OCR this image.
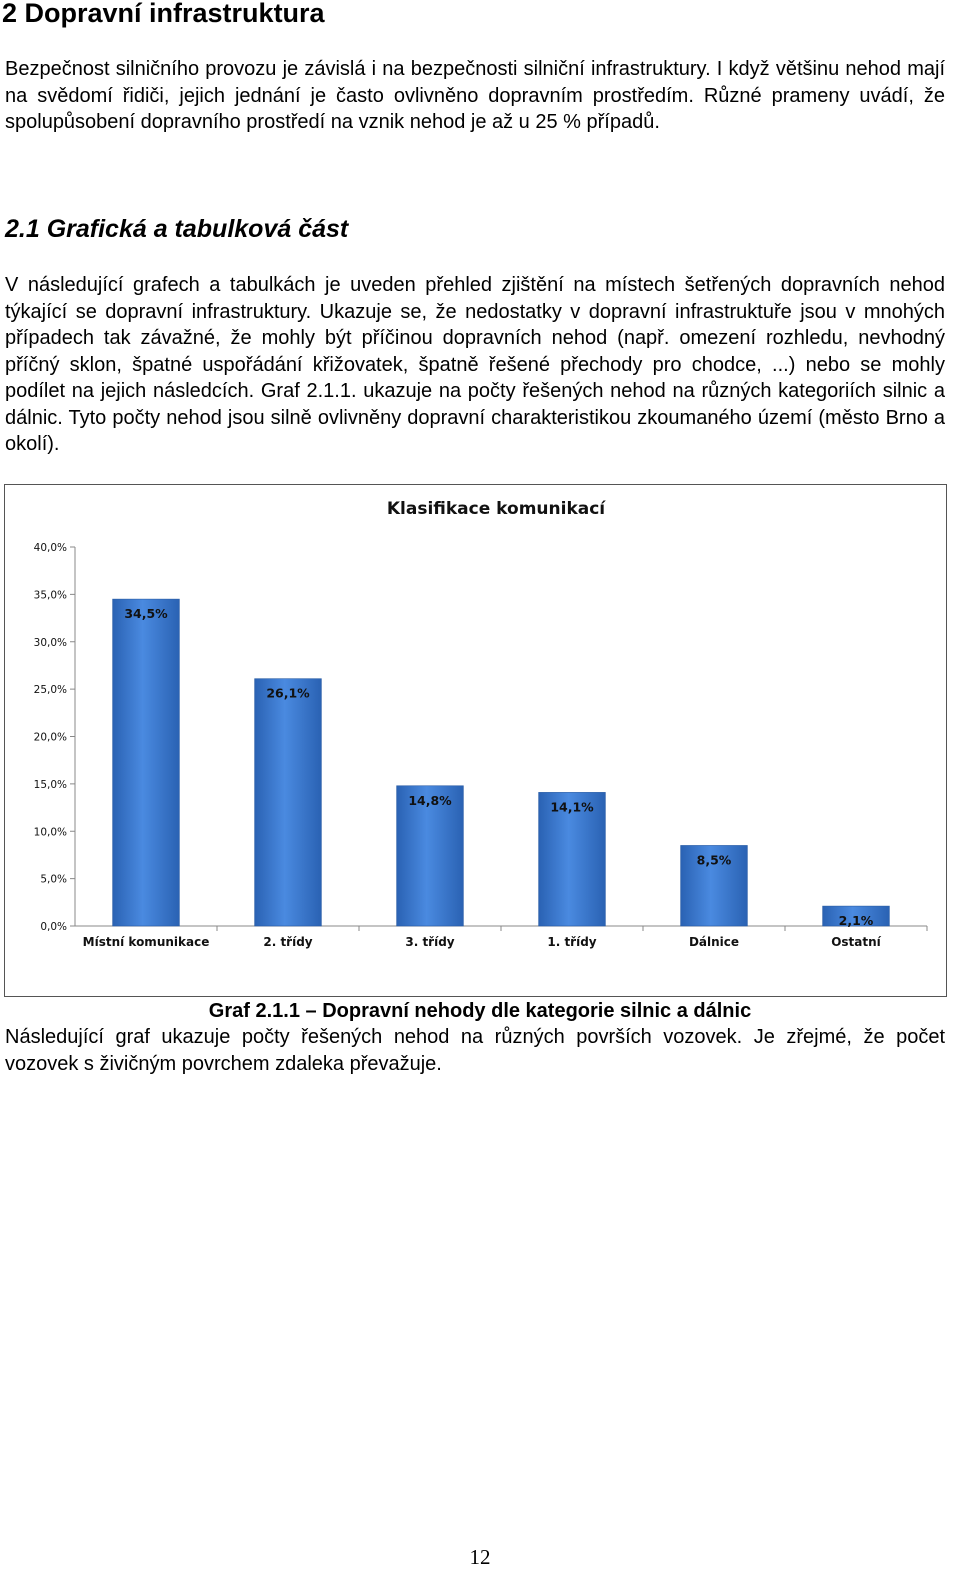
2 Dopravní infrastruktura

Bezpečnost silničního provozu je závislá i na bezpečnosti silniční infrastruktury. I když většinu nehod mají na svědomí řidiči, jejich jednání je často ovlivněno dopravním prostředím. Různé prameny uvádí, že spolupůsobení dopravního prostředí na vznik nehod je až u 25 % případů.

2.1 Grafická a tabulková část

V následující grafech a tabulkách je uveden přehled zjištění na místech šetřených dopravních nehod týkající se dopravní infrastruktury. Ukazuje se, že nedostatky v dopravní infrastruktuře jsou v mnohých případech tak závažné, že mohly být příčinou dopravních nehod (např. omezení rozhledu, nevhodný příčný sklon, špatné uspořádání křižovatek, špatně řešené přechody pro chodce, ...) nebo se mohly podílet na jejich následcích. Graf 2.1.1. ukazuje na počty řešených nehod na různých kategoriích silnic a dálnic. Tyto počty nehod jsou silně ovlivněny dopravní charakteristikou zkoumaného území (město Brno a okolí).

Klasifikace komunikací
0,0%
5,0%
10,0%
15,0%
20,0%
25,0%
30,0%
35,0%
40,0%
34,5%
Místní komunikace
26,1%
2. třídy
14,8%
3. třídy
14,1%
1. třídy
8,5%
Dálnice
2,1%
Ostatní

Graf 2.1.1 – Dopravní nehody dle kategorie silnic a dálnic

Následující graf ukazuje počty řešených nehod na různých površích vozovek. Je zřejmé, že počet vozovek s živičným povrchem zdaleka převažuje.

12
